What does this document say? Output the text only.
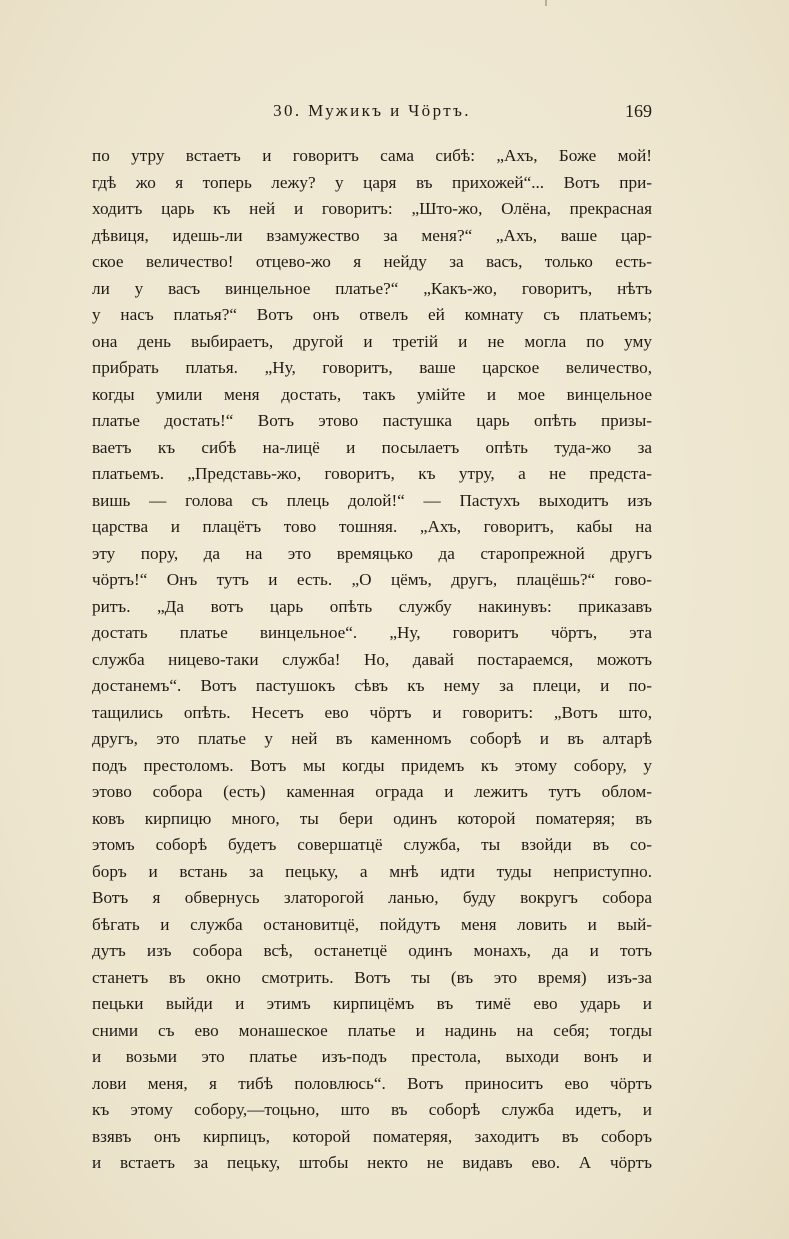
30. Мужикъ и Чӧртъ.	169
по утру встаетъ и говоритъ сама сибѣ: „Ахъ, Боже мой!
гдѣ жо я топерь лежу? у царя въ прихожей“... Вотъ при-
ходитъ царь къ ней и говоритъ: „Што-жо, Олёна, прекрасная
дѣвиця, идешь-ли взамужество за меня?“ „Ахъ, ваше цар-
ское величество! отцево-жо я нейду за васъ, только есть-
ли у васъ винцельное платье?“ „Какъ-жо, говоритъ, нѣтъ
у насъ платья?“ Вотъ онъ отвелъ ей комнату съ платьемъ;
она день выбираетъ, другой и третій и не могла по уму
прибрать платья. „Ну, говоритъ, ваше царское величество,
когды умили меня достать, такъ умійте и мое винцельное
платье достать!“ Вотъ этово пастушка царь опѣть призы-
ваетъ къ сибѣ на-лицё и посылаетъ опѣть туда-жо за
платьемъ. „Представь-жо, говоритъ, къ утру, а не предста-
вишь — голова съ плець долой!“ — Пастухъ выходитъ изъ
царства и плацётъ тово тошняя. „Ахъ, говоритъ, кабы на
эту пору, да на это времяцько да старопрежной другъ
чӧртъ!“ Онъ тутъ и есть. „О цёмъ, другъ, плацёшь?“ гово-
ритъ. „Да вотъ царь опѣть службу накинувъ: приказавъ
достать платье винцельное“. „Ну, говоритъ чӧртъ, эта
служба ницево-таки служба! Но, давай постараемся, можотъ
достанемъ“. Вотъ пастушокъ сѣвъ къ нему за плеци, и по-
тащились опѣть. Несетъ ево чӧртъ и говоритъ: „Вотъ што,
другъ, это платье у ней въ каменномъ соборѣ и въ алтарѣ
подъ престоломъ. Вотъ мы когды придемъ къ этому собору, у
этово собора (есть) каменная ограда и лежитъ тутъ облом-
ковъ кирпицю много, ты бери одинъ которой поматеряя; въ
этомъ соборѣ будетъ совершатцё служба, ты взойди въ со-
боръ и встань за пецьку, а мнѣ идти туды неприступно.
Вотъ я обвернусь златорогой ланью, буду вокругъ собора
бѣгать и служба остановитцё, пойдутъ меня ловить и вый-
дутъ изъ собора всѣ, останетцё одинъ монахъ, да и тотъ
станетъ въ окно смотрить. Вотъ ты (въ это время) изъ-за
пецьки выйди и этимъ кирпицёмъ въ тимё ево ударь и
сними съ ево монашеское платье и надинь на себя; тогды
и возьми это платье изъ-подъ престола, выходи вонъ и
лови меня, я тибѣ половлюсь“. Вотъ приноситъ ево чӧртъ
къ этому собору,—тоцьно, што въ соборѣ служба идетъ, и
взявъ онъ кирпицъ, которой поматеряя, заходитъ въ соборъ
и встаетъ за пецьку, штобы некто не видавъ ево. А чӧртъ
